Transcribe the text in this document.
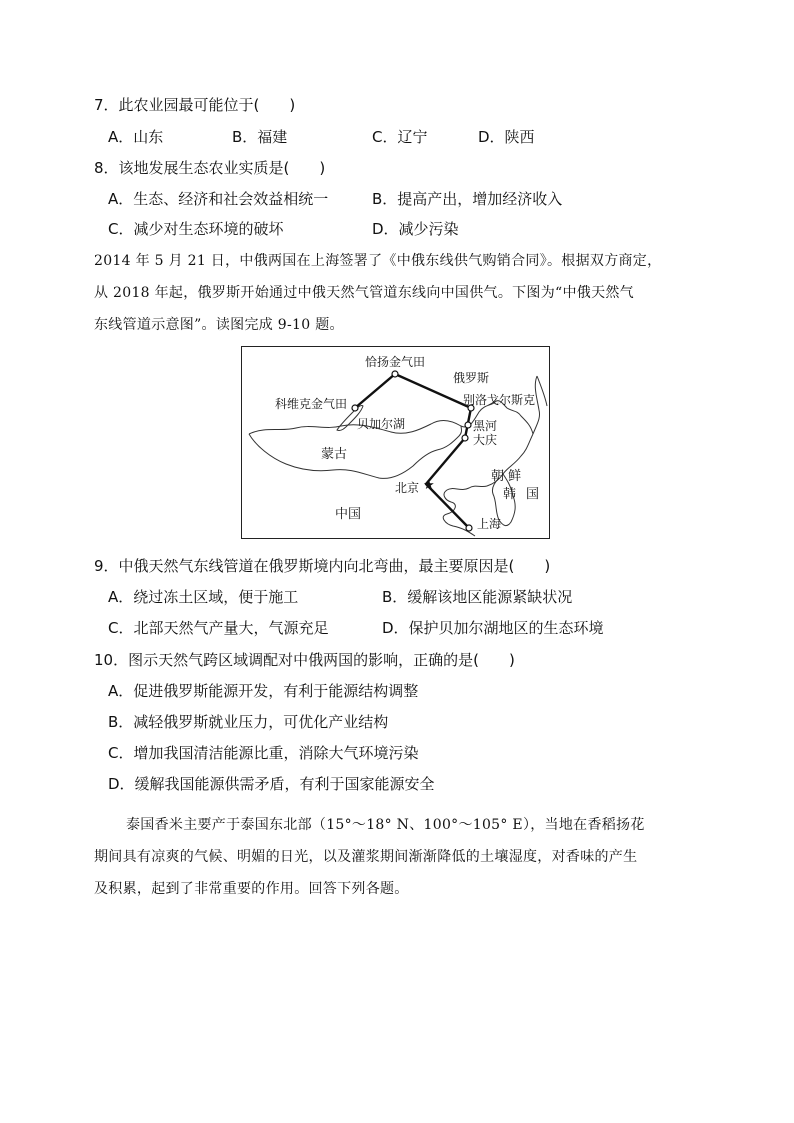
7．此农业园最可能位于(　　)
A．山东	B．福建	C．辽宁	D．陕西
8．该地发展生态农业实质是(　　)
A．生态、经济和社会效益相统一	B．提高产出，增加经济收入
C．减少对生态环境的破坏	D．减少污染
2014 年 5 月 21 日，中俄两国在上海签署了《中俄东线供气购销合同》。根据双方商定，
从 2018 年起，俄罗斯开始通过中俄天然气管道东线向中国供气。下图为“中俄天然气
东线管道示意图”。读图完成 9-10 题。
★
恰扬金气田
俄罗斯
科维克金气田	别洛戈尔斯克
贝加尔湖	黑河
大庆
蒙古
朝 鲜
韩 国
北京
中国
上海
9．中俄天然气东线管道在俄罗斯境内向北弯曲，最主要原因是(　　)
A．绕过冻土区域，便于施工	B．缓解该地区能源紧缺状况
C．北部天然气产量大，气源充足	D．保护贝加尔湖地区的生态环境
10．图示天然气跨区域调配对中俄两国的影响，正确的是(　　)
A．促进俄罗斯能源开发，有利于能源结构调整
B．减轻俄罗斯就业压力，可优化产业结构
C．增加我国清洁能源比重，消除大气环境污染
D．缓解我国能源供需矛盾，有利于国家能源安全
泰国香米主要产于泰国东北部（15°～18° N、100°～105° E），当地在香稻扬花
期间具有凉爽的气候、明媚的日光，以及灌浆期间渐渐降低的土壤湿度，对香味的产生
及积累，起到了非常重要的作用。回答下列各题。
